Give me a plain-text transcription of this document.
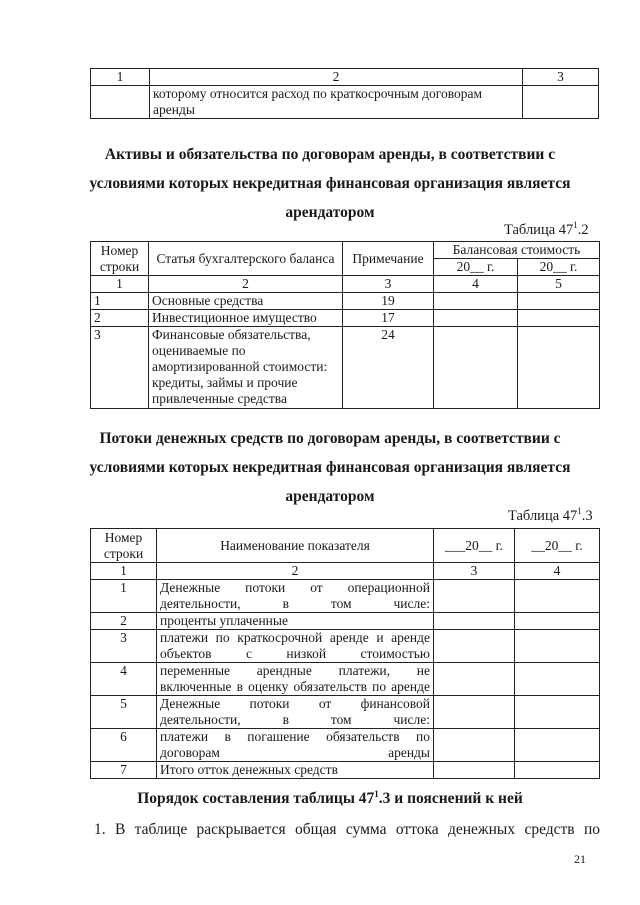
1	2	3
	которому относится расход по краткосрочным договорам аренды	
Активы и обязательства по договорам аренды, в соответствии с
условиями которых некредитная финансовая организация является
арендатором
Таблица $47^1.2$
Номер строки	Статья бухгалтерского баланса	Примечание	Балансовая стоимость	
			20__ г.	20__ г.
1	2	3	4	5
1	Основные средства	19		
2	Инвестиционное имущество	17		
3	Финансовые обязательства, оцениваемые по амортизированной стоимости: кредиты, займы и прочие привлеченные средства	24		
Потоки денежных средств по договорам аренды, в соответствии с
условиями которых некредитная финансовая организация является
арендатором
Таблица $47^1.3$
Номер строки	Наименование показателя	___20__ г.	__20__ г.
1	2	3	4
1	Денежные потоки от операционной деятельности, в том числе:		

2	проценты уплаченные		
3	платежи по краткосрочной аренде и аренде объектов с низкой стоимостью		

4	переменные арендные платежи, не включенные в оценку обязательств по аренде		

5	Денежные потоки от финансовой деятельности, в том числе:		

6	платежи в погашение обязательств по договорам аренды		

7	Итого отток денежных средств		
Порядок составления таблицы $47^1.3$ и пояснений к ней
1. В таблице раскрывается общая сумма оттока денежных средств по
21
